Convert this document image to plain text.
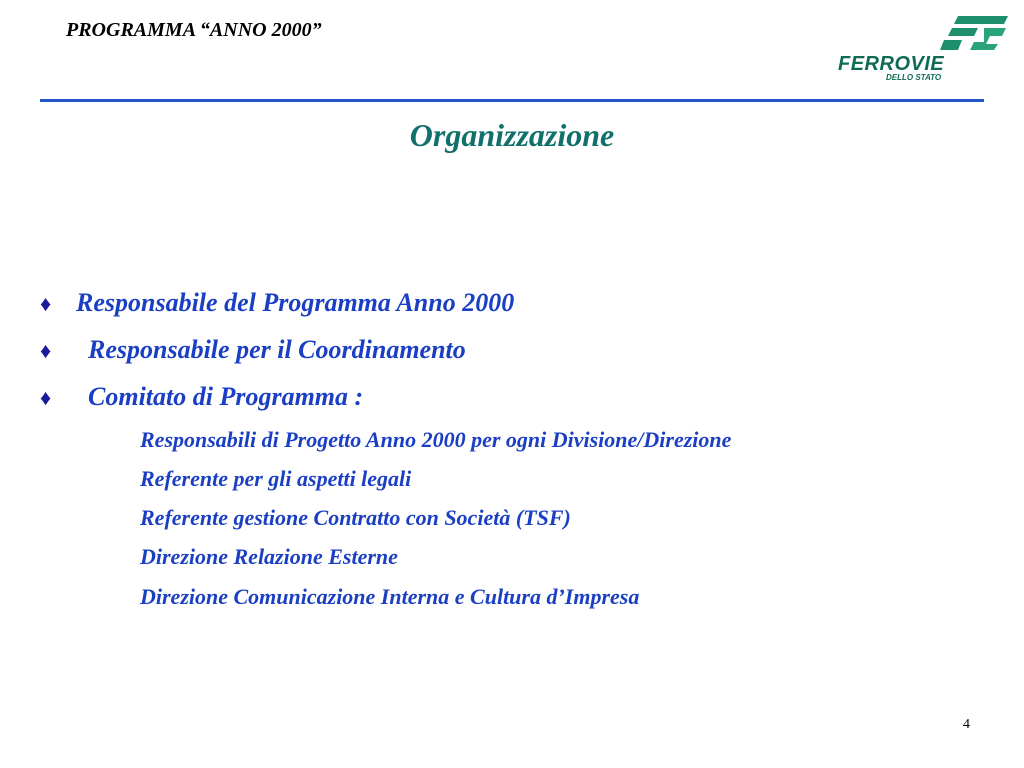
PROGRAMMA “ANNO 2000”
FERROVIE
DELLO STATO
Organizzazione
♦ Responsabile del Programma Anno 2000
♦ Responsabile per il Coordinamento
♦ Comitato di Programma :
Responsabili di Progetto Anno 2000 per ogni Divisione/Direzione
Referente per gli aspetti legali
Referente gestione Contratto con Società (TSF)
Direzione Relazione Esterne
Direzione Comunicazione Interna e Cultura d’Impresa
4
